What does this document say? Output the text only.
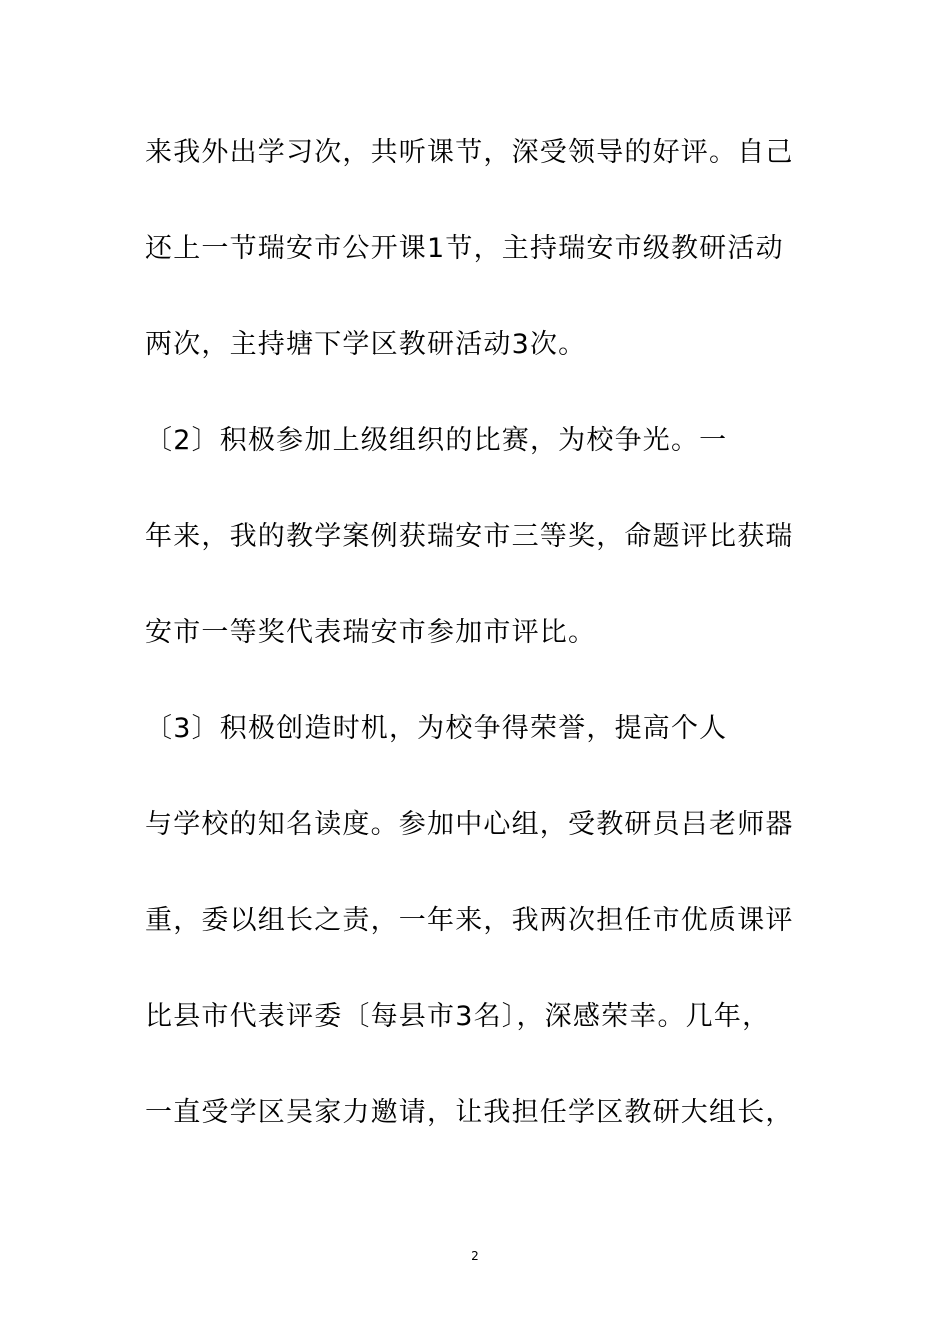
来我外出学习次，共听课节，深受领导的好评。自己
还上一节瑞安市公开课1节，主持瑞安市级教研活动
两次，主持塘下学区教研活动3次。
〔2〕积极参加上级组织的比赛，为校争光。一
年来，我的教学案例获瑞安市三等奖，命题评比获瑞
安市一等奖代表瑞安市参加市评比。
〔3〕积极创造时机，为校争得荣誉，提高个人
与学校的知名读度。参加中心组，受教研员吕老师器
重，委以组长之责，一年来，我两次担任市优质课评
比县市代表评委〔每县市3名〕，深感荣幸。几年，
一直受学区吴家力邀请，让我担任学区教研大组长，
2
